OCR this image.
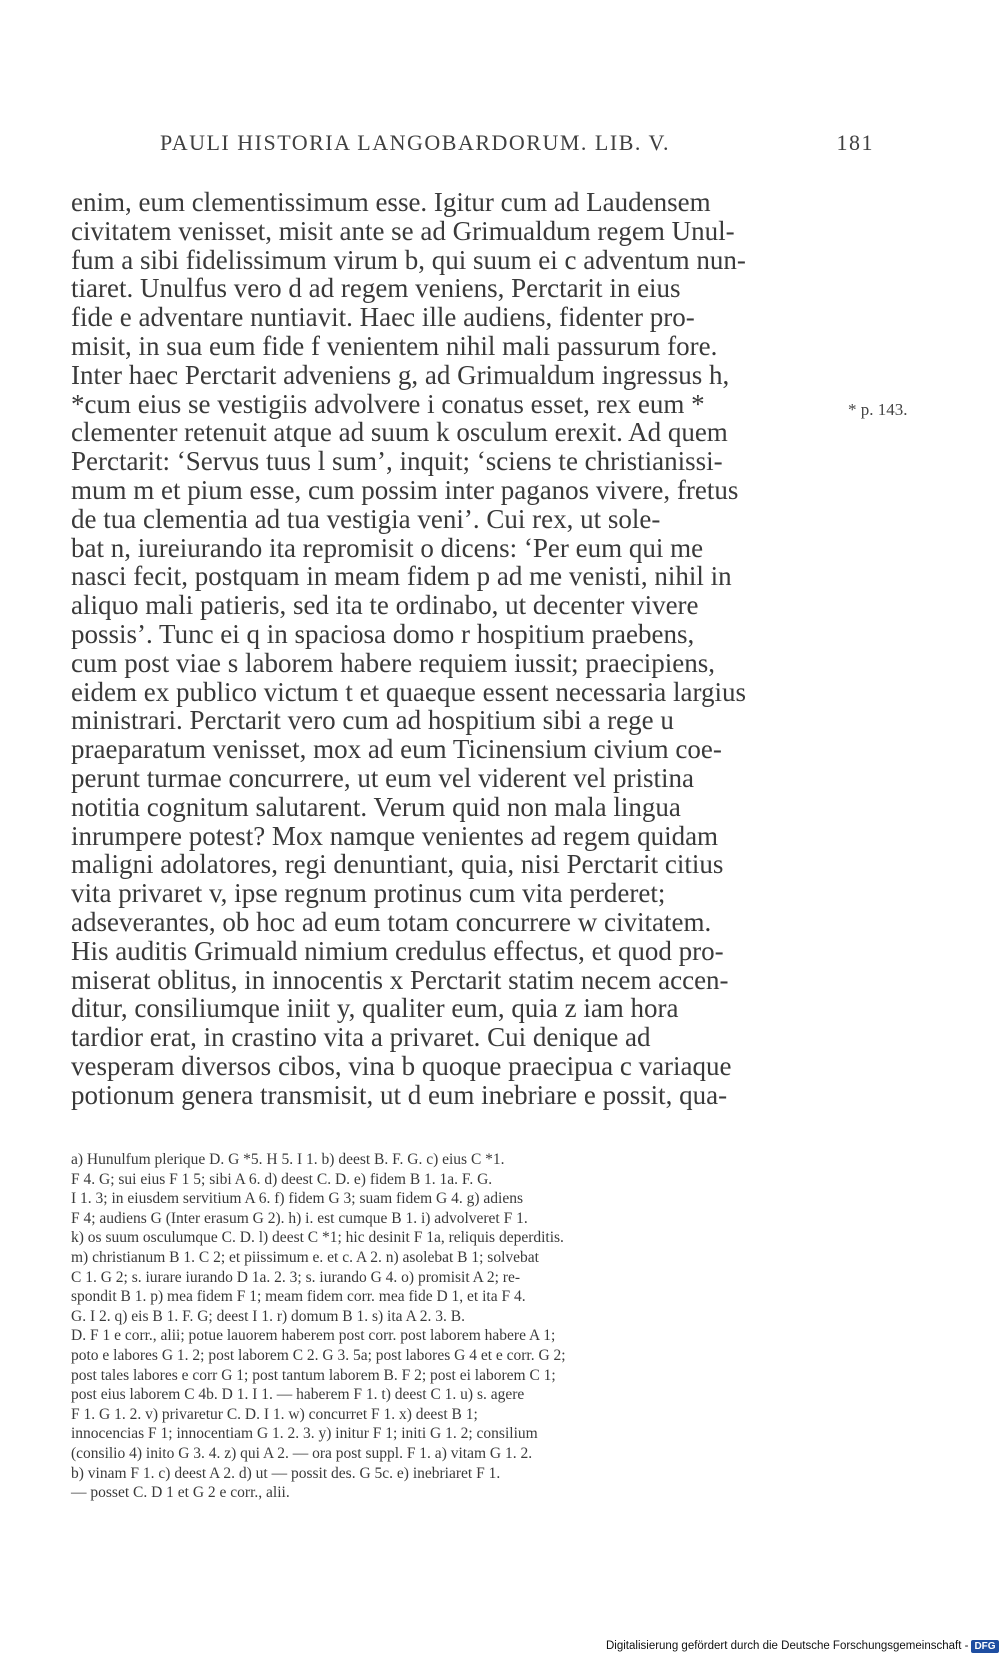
PAULI HISTORIA LANGOBARDORUM. LIB. V.	181
* p. 143.
enim, eum clementissimum esse. Igitur cum ad Laudensem
civitatem venisset, misit ante se ad Grimualdum regem Unul-
fum a sibi fidelissimum virum b, qui suum ei c adventum nun-
tiaret. Unulfus vero d ad regem veniens, Perctarit in eius
fide e adventare nuntiavit. Haec ille audiens, fidenter pro-
misit, in sua eum fide f venientem nihil mali passurum fore.
Inter haec Perctarit adveniens g, ad Grimualdum ingressus h,
*cum eius se vestigiis advolvere i conatus esset, rex eum *
clementer retenuit atque ad suum k osculum erexit. Ad quem
Perctarit: ‘Servus tuus l sum’, inquit; ‘sciens te christianissi-
mum m et pium esse, cum possim inter paganos vivere, fretus
de tua clementia ad tua vestigia veni’. Cui rex, ut sole-
bat n, iureiurando ita repromisit o dicens: ‘Per eum qui me
nasci fecit, postquam in meam fidem p ad me venisti, nihil in
aliquo mali patieris, sed ita te ordinabo, ut decenter vivere
possis’. Tunc ei q in spaciosa domo r hospitium praebens,
cum post viae s laborem habere requiem iussit; praecipiens,
eidem ex publico victum t et quaeque essent necessaria largius
ministrari. Perctarit vero cum ad hospitium sibi a rege u
praeparatum venisset, mox ad eum Ticinensium civium coe-
perunt turmae concurrere, ut eum vel viderent vel pristina
notitia cognitum salutarent. Verum quid non mala lingua
inrumpere potest? Mox namque venientes ad regem quidam
maligni adolatores, regi denuntiant, quia, nisi Perctarit citius
vita privaret v, ipse regnum protinus cum vita perderet;
adseverantes, ob hoc ad eum totam concurrere w civitatem.
His auditis Grimuald nimium credulus effectus, et quod pro-
miserat oblitus, in innocentis x Perctarit statim necem accen-
ditur, consiliumque iniit y, qualiter eum, quia z iam hora
tardior erat, in crastino vita a privaret. Cui denique ad
vesperam diversos cibos, vina b quoque praecipua c variaque
potionum genera transmisit, ut d eum inebriare e possit, qua-
a) Hunulfum plerique D. G *5. H 5. I 1. b) deest B. F. G. c) eius C *1.
F 4. G; sui eius F 1 5; sibi A 6. d) deest C. D. e) fidem B 1. 1a. F. G.
I 1. 3; in eiusdem servitium A 6. f) fidem G 3; suam fidem G 4. g) adiens
F 4; audiens G (Inter erasum G 2). h) i. est cumque B 1. i) advolveret F 1.
k) os suum osculumque C. D. l) deest C *1; hic desinit F 1a, reliquis deperditis.
m) christianum B 1. C 2; et piissimum e. et c. A 2. n) asolebat B 1; solvebat
C 1. G 2; s. iurare iurando D 1a. 2. 3; s. iurando G 4. o) promisit A 2; re-
spondit B 1. p) mea fidem F 1; meam fidem corr. mea fide D 1, et ita F 4.
G. I 2. q) eis B 1. F. G; deest I 1. r) domum B 1. s) ita A 2. 3. B.
D. F 1 e corr., alii; potue lauorem haberem post corr. post laborem habere A 1;
poto e labores G 1. 2; post laborem C 2. G 3. 5a; post labores G 4 et e corr. G 2;
post tales labores e corr G 1; post tantum laborem B. F 2; post ei laborem C 1;
post eius laborem C 4b. D 1. I 1. — haberem F 1. t) deest C 1. u) s. agere
F 1. G 1. 2. v) privaretur C. D. I 1. w) concurret F 1. x) deest B 1;
innocencias F 1; innocentiam G 1. 2. 3. y) initur F 1; initi G 1. 2; consilium
(consilio 4) inito G 3. 4. z) qui A 2. — ora post suppl. F 1. a) vitam G 1. 2.
b) vinam F 1. c) deest A 2. d) ut — possit des. G 5c. e) inebriaret F 1.
— posset C. D 1 et G 2 e corr., alii.
Digitalisierung gefördert durch die Deutsche Forschungsgemeinschaft - DFG
